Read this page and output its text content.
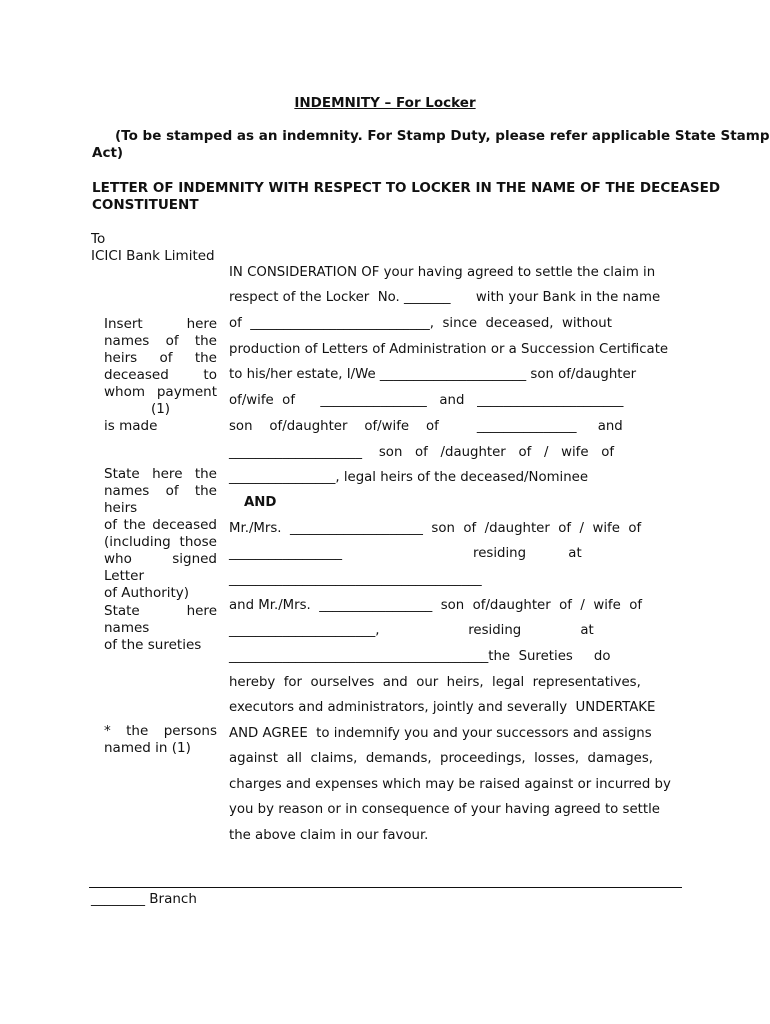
INDEMNITY – For Locker
(To be stamped as an indemnity. For Stamp Duty, please refer applicable State Stamp
Act)
LETTER OF INDEMNITY WITH RESPECT TO LOCKER IN THE NAME OF THE DECEASED
CONSTITUENT
To
ICICI Bank Limited
Insert here
names of the
heirs of the
deceased to
whom payment
(1)
is made
State here the
names of the heirs
of the deceased
(including those
who signed Letter
of Authority)
State here names
of the sureties
* the persons
named in (1)
IN CONSIDERATION OF your having agreed to settle the claim in
respect of the Locker  No. _______      with your Bank in the name
of  ___________________________,  since  deceased,  without
production of Letters of Administration or a Succession Certificate
to his/her estate, I/We ______________________ son of/daughter
of/wife  of      ________________   and   ______________________
son    of/daughter    of/wife    of         _______________     and
____________________    son   of   /daughter   of   /   wife   of
________________, legal heirs of the deceased/Nominee
AND
Mr./Mrs.  ____________________  son  of  /daughter  of  /  wife  of
_________________                               residing          at
______________________________________
and Mr./Mrs.  _________________  son  of/daughter  of  /  wife  of
______________________,                     residing              at
_______________________________________the  Sureties     do
hereby  for  ourselves  and  our  heirs,  legal  representatives,
executors and administrators, jointly and severally  UNDERTAKE
AND AGREE  to indemnify you and your successors and assigns
against  all  claims,  demands,  proceedings,  losses,  damages,
charges and expenses which may be raised against or incurred by
you by reason or in consequence of your having agreed to settle
the above claim in our favour.
________ Branch
